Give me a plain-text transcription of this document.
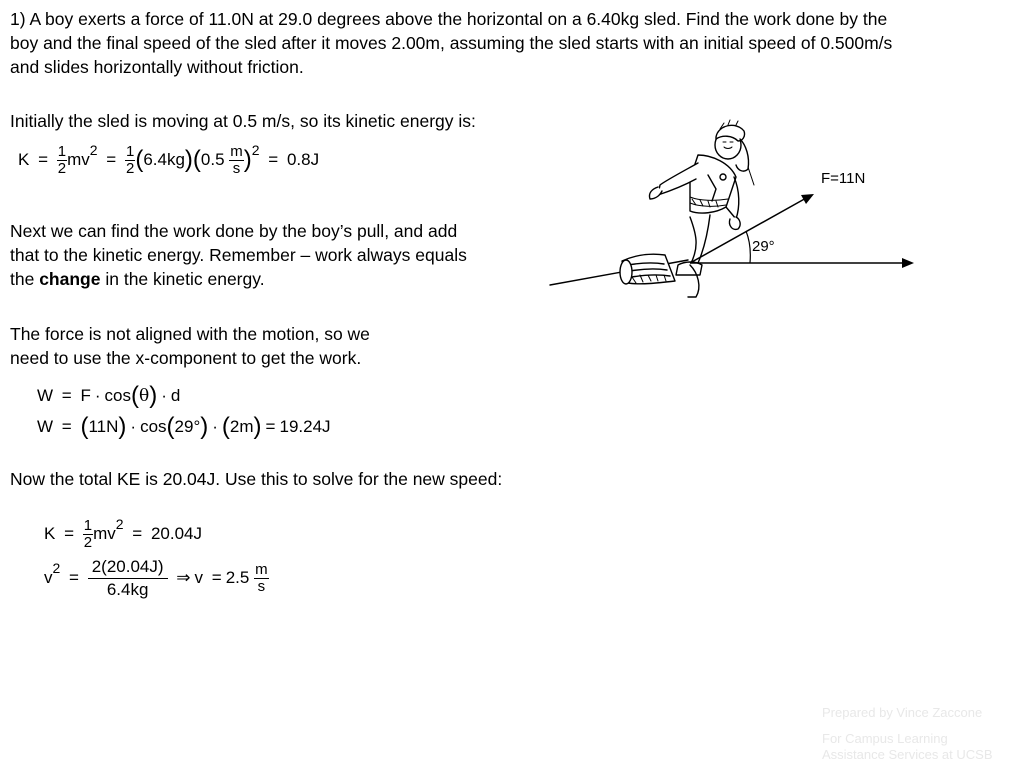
1) A boy exerts a force of 11.0N at 29.0 degrees above the horizontal on a 6.40kg sled. Find the work done by the
boy and the final speed of the sled after it moves 2.00m, assuming the sled starts with an initial speed of 0.500m/s
and slides horizontally without friction.

Initially the sled is moving at 0.5 m/s, so its kinetic energy is:

$K = \frac{1}{2} mv^2 = \frac{1}{2} (6.4kg)(0.5 \frac{m}{s} )^2 = 0.8J$
Next we can find the work done by the boy’s pull, and add
that to the kinetic energy. Remember – work always equals
the change in the kinetic energy.
The force is not aligned with the motion, so we
need to use the x-component to get the work.
W = F · cos(θ) · d
W = (11N) · cos(29°) · (2m) = 19.24J

Now the total KE is 20.04J. Use this to solve for the new speed:

$K = \frac{1}{2} mv^2 = 20.04J$
$v^2 = \frac{2(20.04J)}{6.4kg}$ ⇒ $v = 2.5 \frac{m}{s}$
F=11N
29°
Prepared by Vince Zaccone
For Campus Learning
Assistance Services at UCSB
